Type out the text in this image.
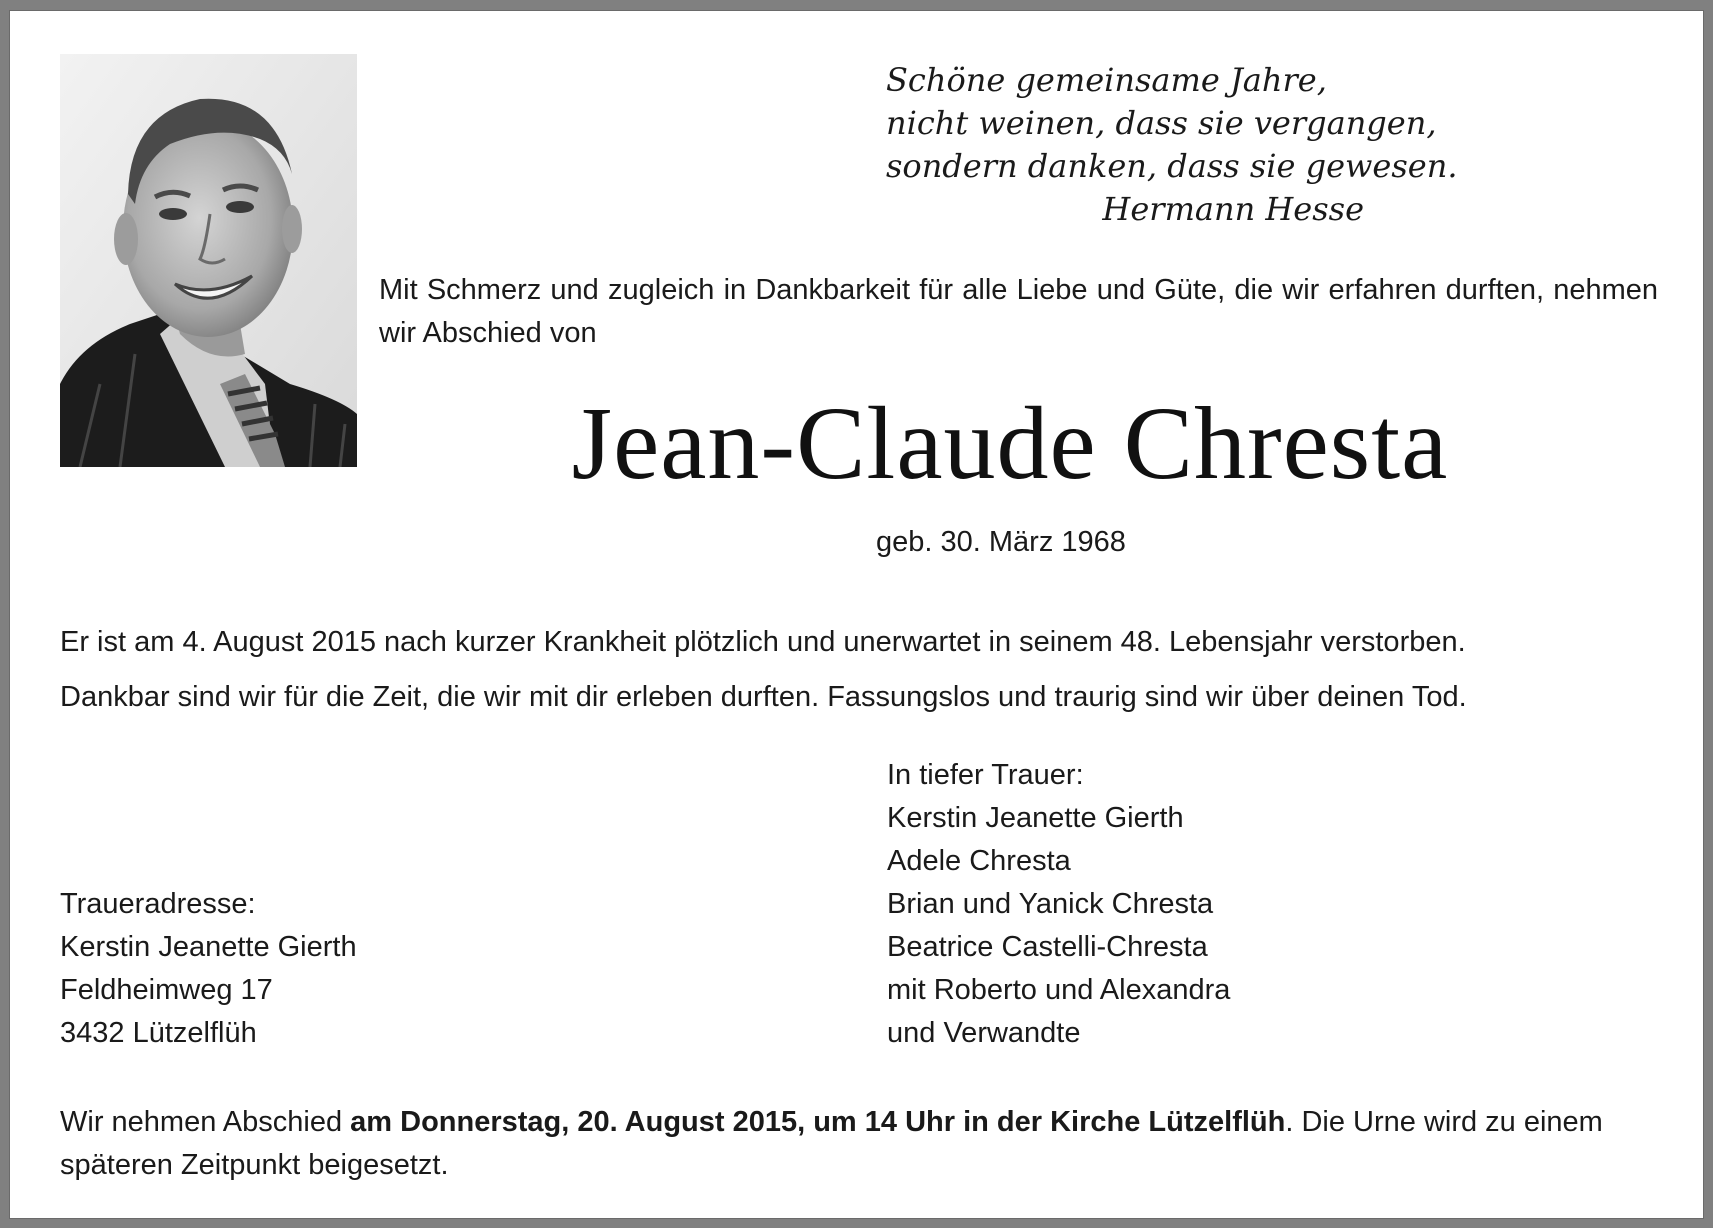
Schöne gemeinsame Jahre,
nicht weinen, dass sie vergangen,
sondern danken, dass sie gewesen.
Hermann Hesse
Mit Schmerz und zugleich in Dankbarkeit für alle Liebe und Güte, die wir erfahren durften, nehmen wir Abschied von
Jean-Claude Chresta
geb. 30. März 1968
Er ist am 4. August 2015 nach kurzer Krankheit plötzlich und unerwartet in seinem 48. Lebensjahr verstorben.
Dankbar sind wir für die Zeit, die wir mit dir erleben durften. Fassungslos und traurig sind wir über deinen Tod.
In tiefer Trauer:
Kerstin Jeanette Gierth
Adele Chresta
Brian und Yanick Chresta
Beatrice Castelli-Chresta
mit Roberto und Alexandra
und Verwandte
Traueradresse:
Kerstin Jeanette Gierth
Feldheimweg 17
3432 Lützelflüh
Wir nehmen Abschied am Donnerstag, 20. August 2015, um 14 Uhr in der Kirche Lützelflüh. Die Urne wird zu einem späteren Zeitpunkt beigesetzt.
